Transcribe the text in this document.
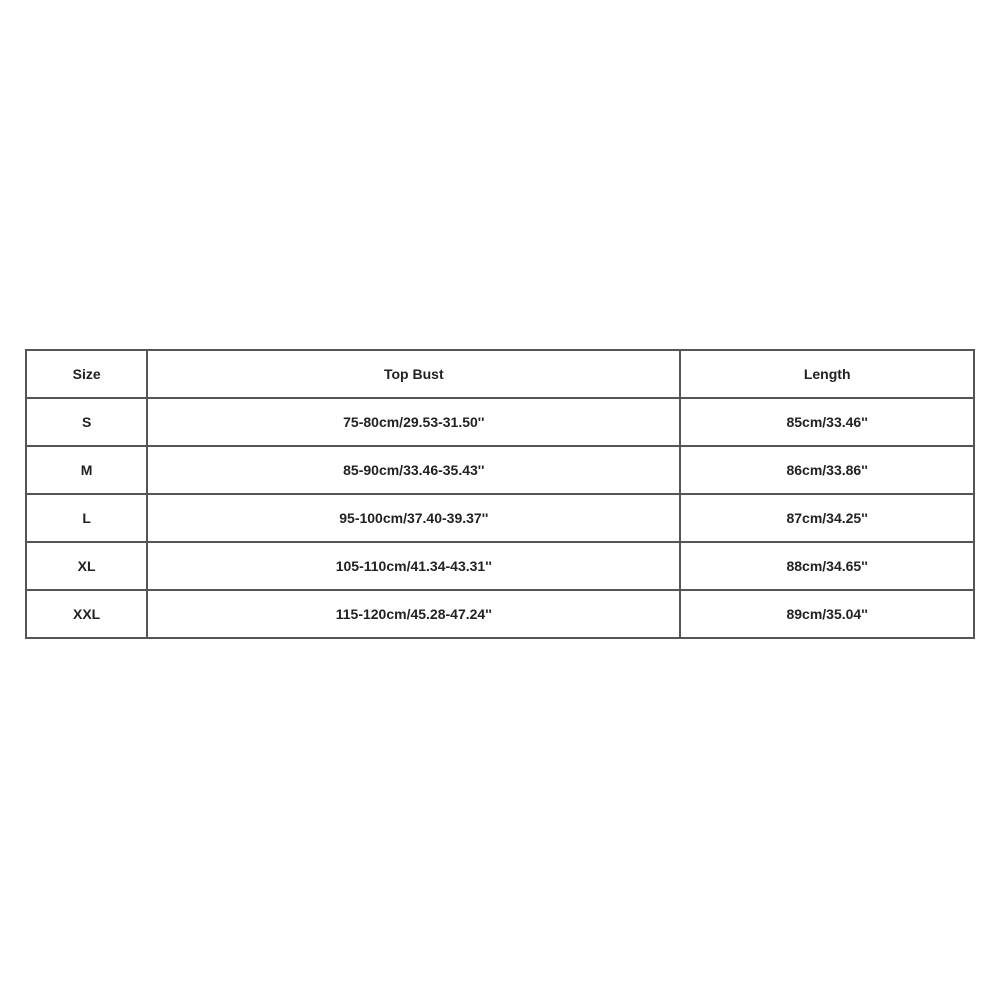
Size	Top Bust	Length
S	75-80cm/29.53-31.50''	85cm/33.46''
M	85-90cm/33.46-35.43''	86cm/33.86''
L	95-100cm/37.40-39.37''	87cm/34.25''
XL	105-110cm/41.34-43.31''	88cm/34.65''
XXL	115-120cm/45.28-47.24''	89cm/35.04''
